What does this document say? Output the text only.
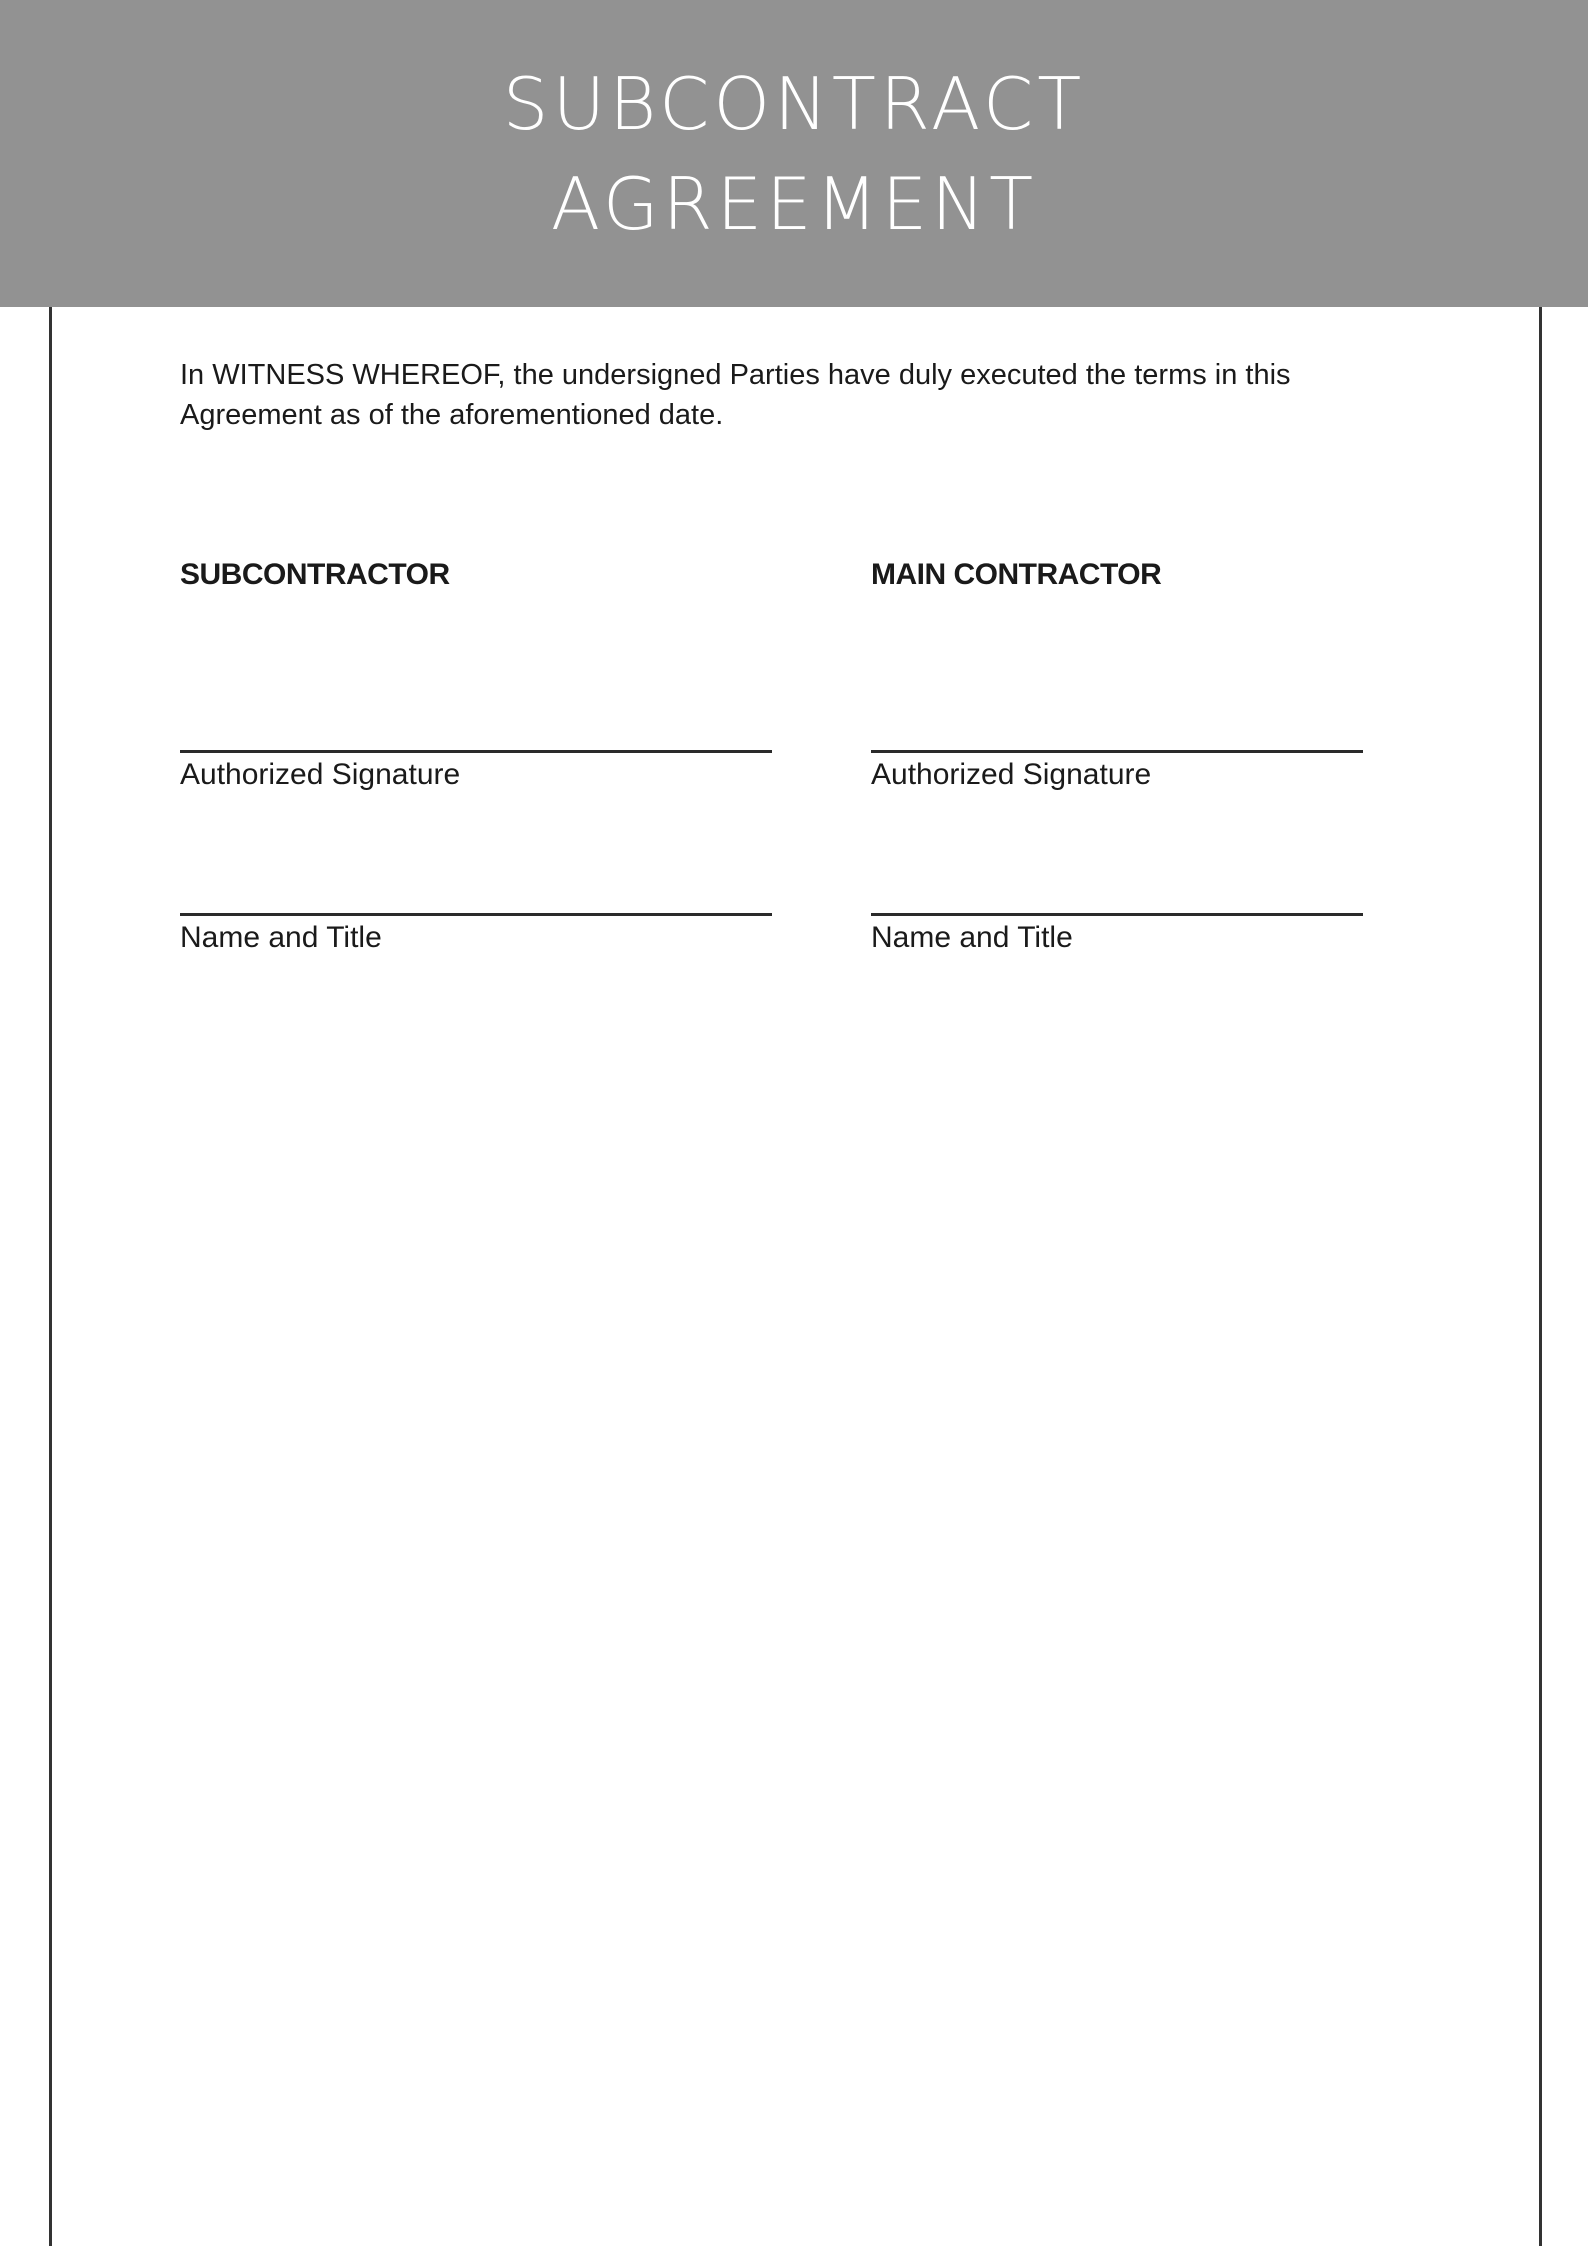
SUBCONTRACT
AGREEMENT
In WITNESS WHEREOF, the undersigned Parties have duly executed the terms in this
Agreement as of the aforementioned date.
SUBCONTRACTOR
Authorized Signature
Name and Title
MAIN CONTRACTOR
Authorized Signature
Name and Title
